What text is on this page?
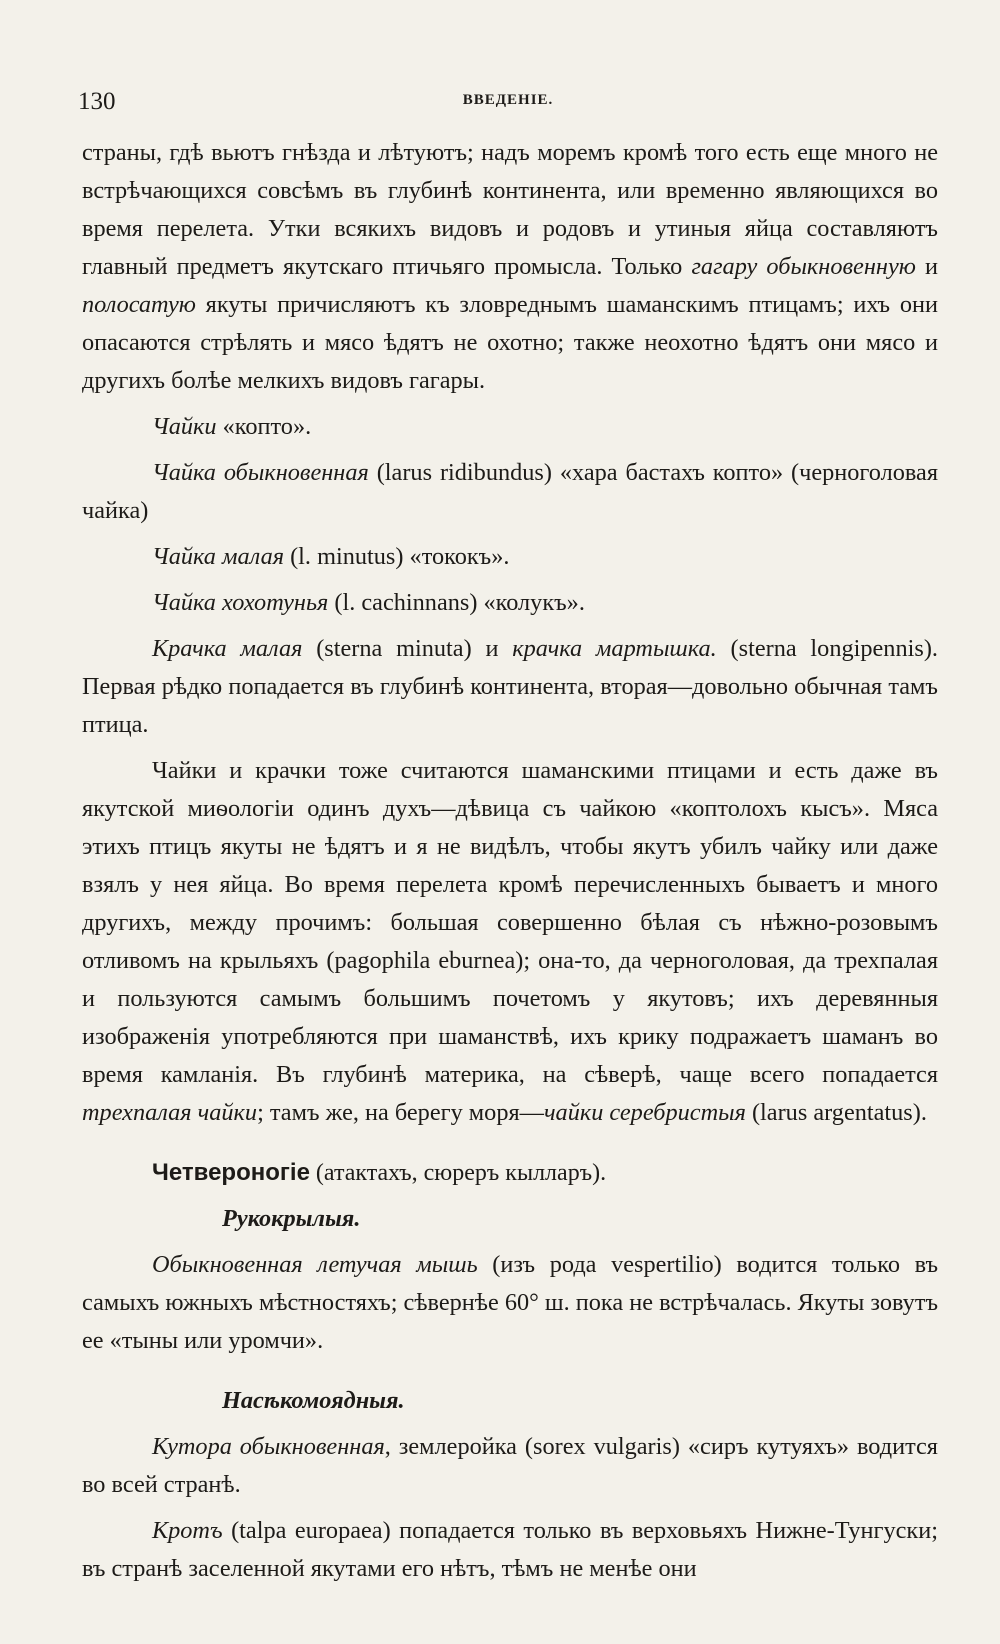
130	ВВЕДЕНІЕ.

страны, гдѣ вьютъ гнѣзда и лѣтуютъ; надъ моремъ кромѣ того есть еще много не встрѣчающихся совсѣмъ въ глубинѣ континента, или временно являющихся во время перелета. Утки всякихъ видовъ и родовъ и утиныя яйца составляютъ главный предметъ якутскаго птичьяго промысла. Только гагару обыкновенную и полосатую якуты причисляютъ къ зловреднымъ шаманскимъ птицамъ; ихъ они опасаются стрѣлять и мясо ѣдятъ не охотно; также неохотно ѣдятъ они мясо и другихъ болѣе мелкихъ видовъ гагары.

Чайки «копто».

Чайка обыкновенная (larus ridibundus) «хара бастахъ копто» (черноголовая чайка)

Чайка малая (l. minutus) «тококъ».

Чайка хохотунья (l. cachinnans) «колукъ».

Крачка малая (sterna minuta) и крачка мартышка. (sterna longipennis). Первая рѣдко попадается въ глубинѣ континента, вторая—довольно обычная тамъ птица.

Чайки и крачки тоже считаются шаманскими птицами и есть даже въ якутской миѳологіи одинъ духъ—дѣвица съ чайкою «коптолохъ кысъ». Мяса этихъ птицъ якуты не ѣдятъ и я не видѣлъ, чтобы якутъ убилъ чайку или даже взялъ у нея яйца. Во время перелета кромѣ перечисленныхъ бываетъ и много другихъ, между прочимъ: большая совершенно бѣлая съ нѣжно-розовымъ отливомъ на крыльяхъ (pagophila eburnea); она-то, да черноголовая, да трехпалая и пользуются самымъ большимъ почетомъ у якутовъ; ихъ деревянныя изображенія употребляются при шаманствѣ, ихъ крику подражаетъ шаманъ во время камланія. Въ глубинѣ материка, на сѣверѣ, чаще всего попадается трехпалая чайки; тамъ же, на берегу моря—чайки серебристыя (larus argentatus).

Четвероногіе (атактахъ, сюреръ кылларъ).

Рукокрылыя.

Обыкновенная летучая мышь (изъ рода vespertilio) водится только въ самыхъ южныхъ мѣстностяхъ; сѣвернѣе 60° ш. пока не встрѣчалась. Якуты зовутъ ее «тыны или уромчи».

Насѣкомоядныя.

Кутора обыкновенная, землеройка (sorex vulgaris) «сиръ кутуяхъ» водится во всей странѣ.

Кротъ (talpa europaea) попадается только въ верховьяхъ Нижне-Тунгуски; въ странѣ заселенной якутами его нѣтъ, тѣмъ не менѣе они
